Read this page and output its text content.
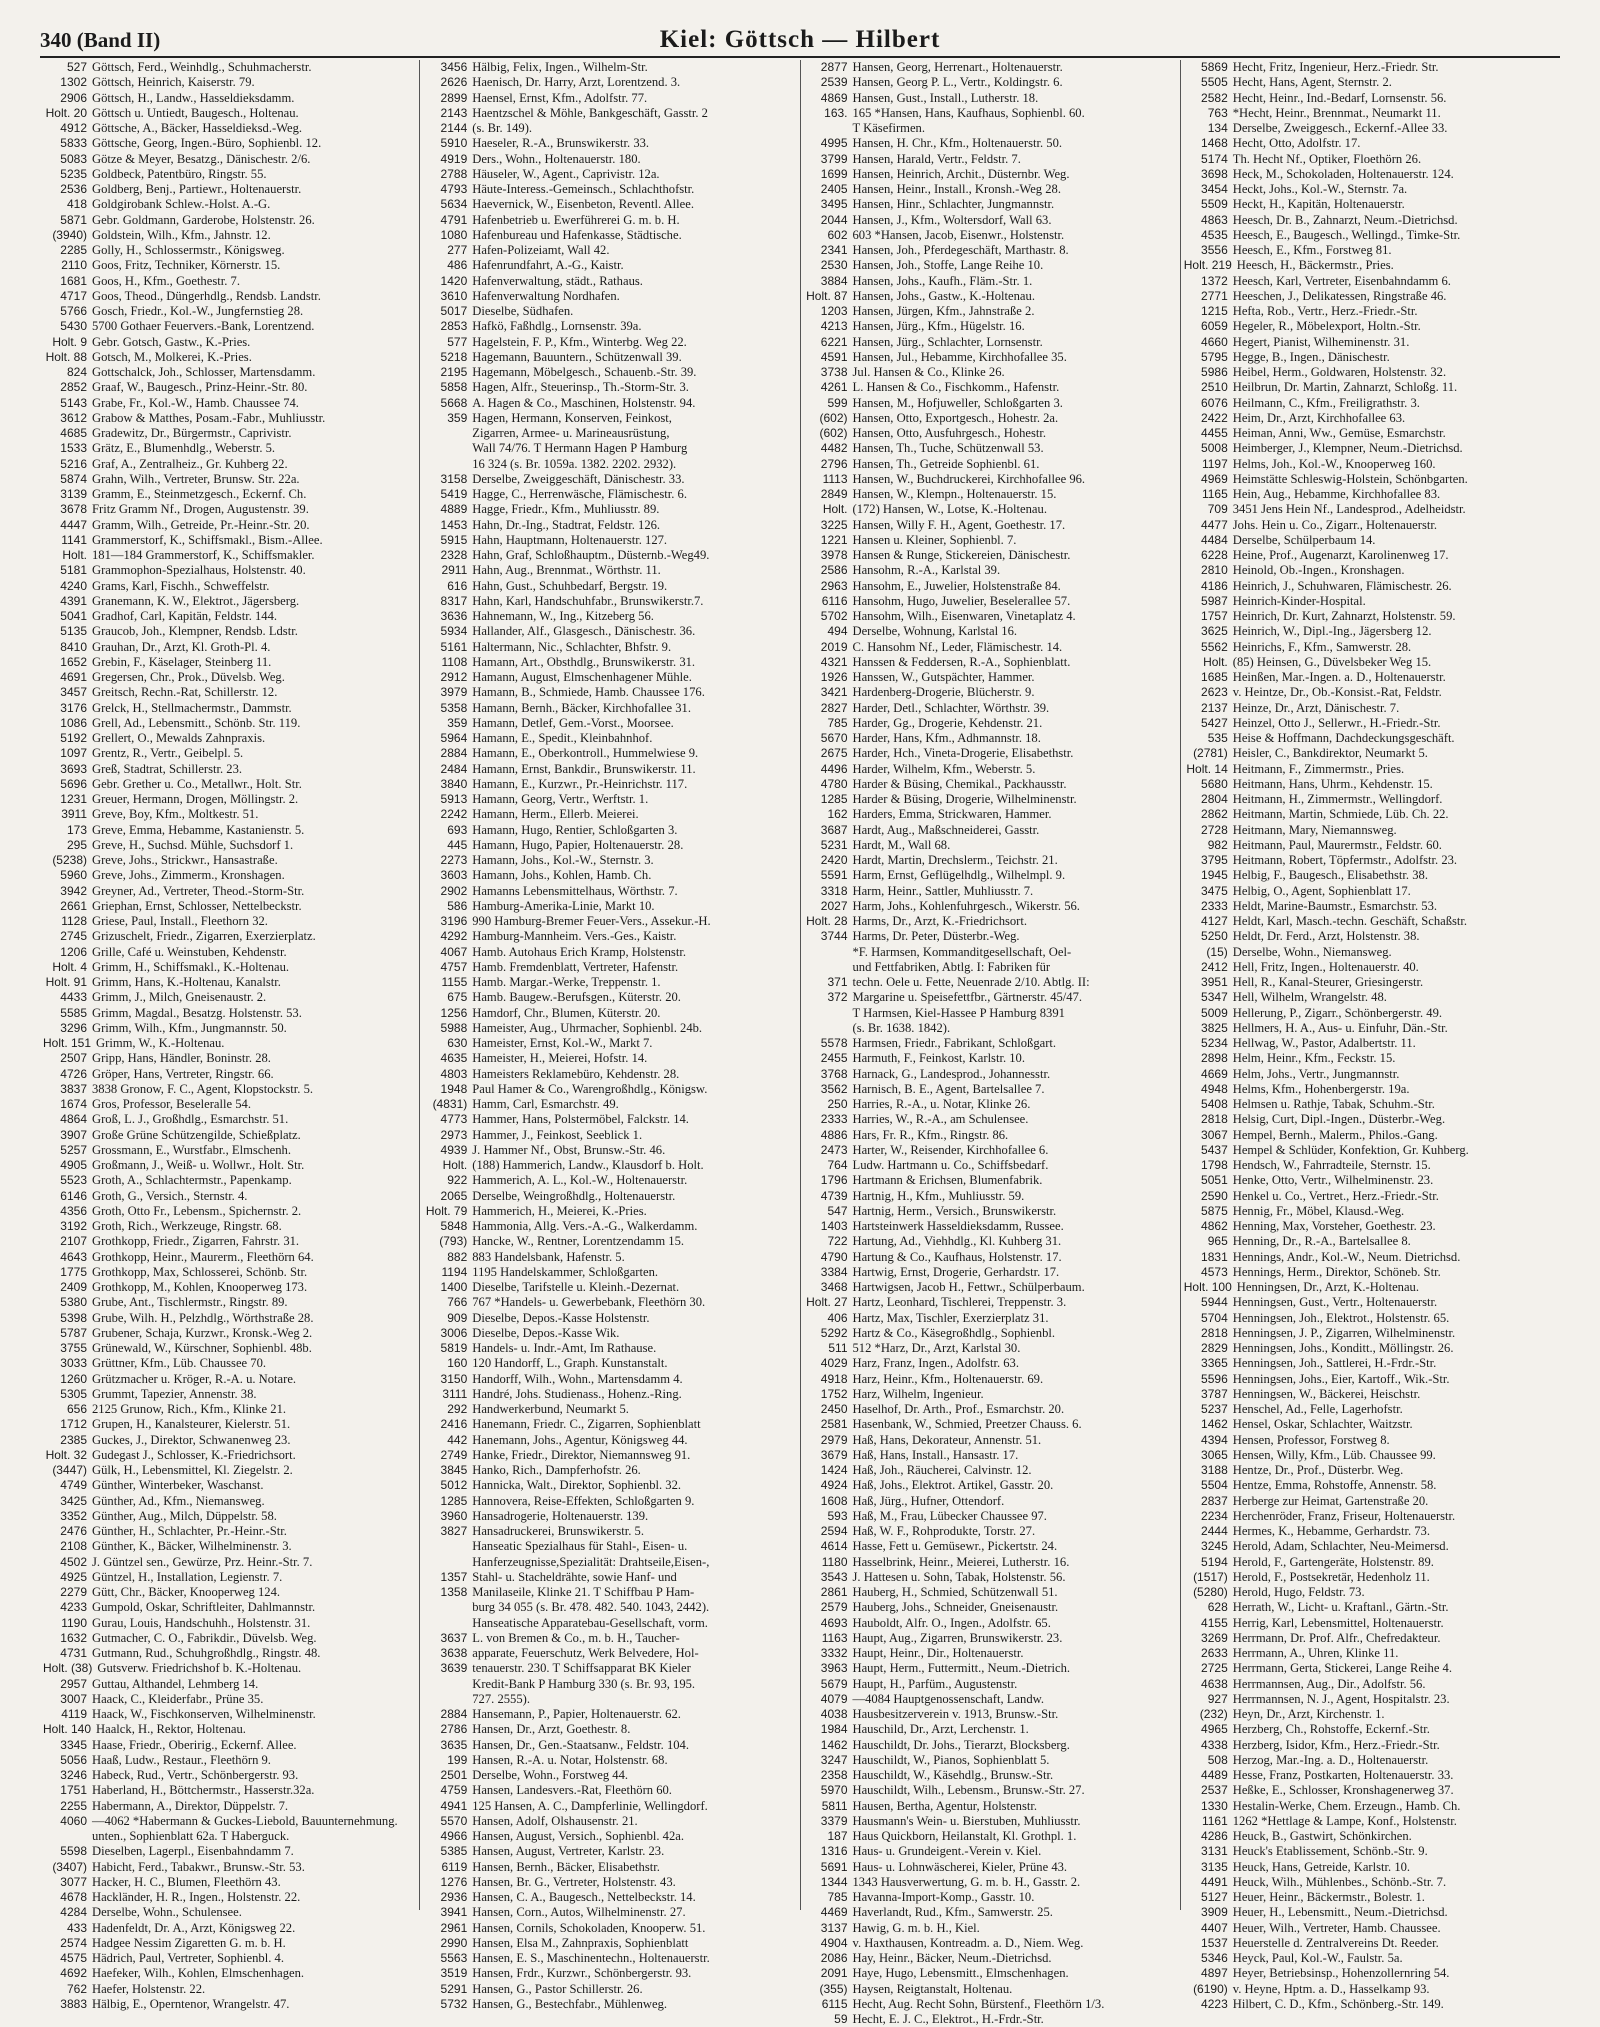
340 (Band II)	Kiel: Göttsch — Hilbert
527 Göttsch, Ferd., Weinhdlg., Schuhmacherstr.
1302 Göttsch, Heinrich, Kaiserstr. 79.
2906 Göttsch, H., Landw., Hasseldieksdamm.
Holt. 20 Göttsch u. Untiedt, Baugesch., Holtenau.
4912 Göttsche, A., Bäcker, Hasseldieksd.-Weg.
5833 Göttsche, Georg, Ingen.-Büro, Sophienbl. 12.
5083 Götze & Meyer, Besatzg., Dänischestr. 2/6.
5235 Goldbeck, Patentbüro, Ringstr. 55.
2536 Goldberg, Benj., Partiewr., Holtenauerstr.
418 Goldgirobank Schlew.-Holst. A.-G.
5871 Gebr. Goldmann, Garderobe, Holstenstr. 26.
(3940) Goldstein, Wilh., Kfm., Jahnstr. 12.
2285 Golly, H., Schlossermstr., Königsweg.
2110 Goos, Fritz, Techniker, Körnerstr. 15.
1681 Goos, H., Kfm., Goethestr. 7.
4717 Goos, Theod., Düngerhdlg., Rendsb. Landstr.
5766 Gosch, Friedr., Kol.-W., Jungfernstieg 28.
5430 5700 Gothaer Feuervers.-Bank, Lorentzend.
Holt. 9 Gebr. Gotsch, Gastw., K.-Pries.
Holt. 88 Gotsch, M., Molkerei, K.-Pries.
824 Gottschalck, Joh., Schlosser, Martensdamm.
2852 Graaf, W., Baugesch., Prinz-Heinr.-Str. 80.
5143 Grabe, Fr., Kol.-W., Hamb. Chaussee 74.
3612 Grabow & Matthes, Posam.-Fabr., Muhliusstr.
4685 Gradewitz, Dr., Bürgermstr., Caprivistr.
1533 Grätz, E., Blumenhdlg., Weberstr. 5.
5216 Graf, A., Zentralheiz., Gr. Kuhberg 22.
5874 Grahn, Wilh., Vertreter, Brunsw. Str. 22a.
3139 Gramm, E., Steinmetzgesch., Eckernf. Ch.
3678 Fritz Gramm Nf., Drogen, Augustenstr. 39.
4447 Gramm, Wilh., Getreide, Pr.-Heinr.-Str. 20.
1141 Grammerstorf, K., Schiffsmakl., Bism.-Allee.
Holt. 181—184 Grammerstorf, K., Schiffsmakler.
5181 Grammophon-Spezialhaus, Holstenstr. 40.
4240 Grams, Karl, Fischh., Schweffelstr.
4391 Granemann, K. W., Elektrot., Jägersberg.
5041 Gradhof, Carl, Kapitän, Feldstr. 144.
5135 Graucob, Joh., Klempner, Rendsb. Ldstr.
8410 Grauhan, Dr., Arzt, Kl. Groth-Pl. 4.
1652 Grebin, F., Käselager, Steinberg 11.
4691 Gregersen, Chr., Prok., Düvelsb. Weg.
3457 Greitsch, Rechn.-Rat, Schillerstr. 12.
3176 Grelck, H., Stellmachermstr., Dammstr.
1086 Grell, Ad., Lebensmitt., Schönb. Str. 119.
5192 Grellert, O., Mewalds Zahnpraxis.
1097 Grentz, R., Vertr., Geibelpl. 5.
3693 Greß, Stadtrat, Schillerstr. 23.
5696 Gebr. Grether u. Co., Metallwr., Holt. Str.
1231 Greuer, Hermann, Drogen, Möllingstr. 2.
3911 Greve, Boy, Kfm., Moltkestr. 51.
173 Greve, Emma, Hebamme, Kastanienstr. 5.
295 Greve, H., Suchsd. Mühle, Suchsdorf 1.
(5238) Greve, Johs., Strickwr., Hansastraße.
5960 Greve, Johs., Zimmerm., Kronshagen.
3942 Greyner, Ad., Vertreter, Theod.-Storm-Str.
2661 Griephan, Ernst, Schlosser, Nettelbeckstr.
1128 Griese, Paul, Install., Fleethorn 32.
2745 Grizuschelt, Friedr., Zigarren, Exerzierplatz.
1206 Grille, Café u. Weinstuben, Kehdenstr.
Holt. 4 Grimm, H., Schiffsmakl., K.-Holtenau.
Holt. 91 Grimm, Hans, K.-Holtenau, Kanalstr.
4433 Grimm, J., Milch, Gneisenaustr. 2.
5585 Grimm, Magdal., Besatzg. Holstenstr. 53.
3296 Grimm, Wilh., Kfm., Jungmannstr. 50.
Holt. 151 Grimm, W., K.-Holtenau.
2507 Gripp, Hans, Händler, Boninstr. 28.
4726 Gröper, Hans, Vertreter, Ringstr. 66.
3837 3838 Gronow, F. C., Agent, Klopstockstr. 5.
1674 Gros, Professor, Beseleralle 54.
4864 Groß, L. J., Großhdlg., Esmarchstr. 51.
3907 Große Grüne Schützengilde, Schießplatz.
5257 Grossmann, E., Wurstfabr., Elmschenh.
4905 Großmann, J., Weiß- u. Wollwr., Holt. Str.
5523 Groth, A., Schlachtermstr., Papenkamp.
6146 Groth, G., Versich., Sternstr. 4.
4356 Groth, Otto Fr., Lebensm., Spichernstr. 2.
3192 Groth, Rich., Werkzeuge, Ringstr. 68.
2107 Grothkopp, Friedr., Zigarren, Fahrstr. 31.
4643 Grothkopp, Heinr., Maurerm., Fleethörn 64.
1775 Grothkopp, Max, Schlosserei, Schönb. Str.
2409 Grothkopp, M., Kohlen, Knooperweg 173.
5380 Grube, Ant., Tischlermstr., Ringstr. 89.
5398 Grube, Wilh. H., Pelzhdlg., Wörthstraße 28.
5787 Grubener, Schaja, Kurzwr., Kronsk.-Weg 2.
3755 Grünewald, W., Kürschner, Sophienbl. 48b.
3033 Grüttner, Kfm., Lüb. Chaussee 70.
1260 Grützmacher u. Kröger, R.-A. u. Notare.
5305 Grummt, Tapezier, Annenstr. 38.
656 2125 Grunow, Rich., Kfm., Klinke 21.
1712 Grupen, H., Kanalsteurer, Kielerstr. 51.
2385 Guckes, J., Direktor, Schwanenweg 23.
Holt. 32 Gudegast J., Schlosser, K.-Friedrichsort.
(3447) Gülk, H., Lebensmittel, Kl. Ziegelstr. 2.
4749 Günther, Winterbeker, Waschanst.
3425 Günther, Ad., Kfm., Niemansweg.
3352 Günther, Aug., Milch, Düppelstr. 58.
2476 Günther, H., Schlachter, Pr.-Heinr.-Str.
2108 Günther, K., Bäcker, Wilhelminenstr. 3.
4502 J. Güntzel sen., Gewürze, Prz. Heinr.-Str. 7.
4925 Güntzel, H., Installation, Legienstr. 7.
2279 Gütt, Chr., Bäcker, Knooperweg 124.
4233 Gumpold, Oskar, Schriftleiter, Dahlmannstr.
1190 Gurau, Louis, Handschuhh., Holstenstr. 31.
1632 Gutmacher, C. O., Fabrikdir., Düvelsb. Weg.
4731 Gutmann, Rud., Schuhgroßhdlg., Ringstr. 48.
Holt. (38) Gutsverw. Friedrichshof b. K.-Holtenau.
2957 Guttau, Althandel, Lehmberg 14.
3007 Haack, C., Kleiderfabr., Prüne 35.
4119 Haack, W., Fischkonserven, Wilhelminenstr.
Holt. 140 Haalck, H., Rektor, Holtenau.
3345 Haase, Friedr., Oberirig., Eckernf. Allee.
5056 Haaß, Ludw., Restaur., Fleethörn 9.
3246 Habeck, Rud., Vertr., Schönbergerstr. 93.
1751 Haberland, H., Böttchermstr., Hasserstr.32a.
2255 Habermann, A., Direktor, Düppelstr. 7.
4060 —4062 *Habermann & Guckes-Liebold, Bauunternehmung.
unten., Sophienblatt 62a. T Haberguck.
5598 Dieselben, Lagerpl., Eisenbahndamm 7.
(3407) Habicht, Ferd., Tabakwr., Brunsw.-Str. 53.
3077 Hacker, H. C., Blumen, Fleethörn 43.
4678 Hackländer, H. R., Ingen., Holstenstr. 22.
4284 Derselbe, Wohn., Schulensee.
433 Hadenfeldt, Dr. A., Arzt, Königsweg 22.
2574 Hadgee Nessim Zigaretten G. m. b. H.
4575 Hädrich, Paul, Vertreter, Sophienbl. 4.
4692 Haefeker, Wilh., Kohlen, Elmschenhagen.
762 Haefer, Holstenstr. 22.
3883 Hälbig, E., Operntenor, Wrangelstr. 47.
3456 Hälbig, Felix, Ingen., Wilhelm-Str.
2626 Haenisch, Dr. Harry, Arzt, Lorentzend. 3.
2899 Haensel, Ernst, Kfm., Adolfstr. 77.
2143 Haentzschel & Möhle, Bankgeschäft, Gasstr. 2
2144 (s. Br. 149).
5910 Haeseler, R.-A., Brunswikerstr. 33.
4919 Ders., Wohn., Holtenauerstr. 180.
2788 Häuseler, W., Agent., Caprivistr. 12a.
4793 Häute-Interess.-Gemeinsch., Schlachthofstr.
5634 Haevernick, W., Eisenbeton, Reventl. Allee.
4791 Hafenbetrieb u. Ewerführerei G. m. b. H.
1080 Hafenbureau und Hafenkasse, Städtische.
277 Hafen-Polizeiamt, Wall 42.
486 Hafenrundfahrt, A.-G., Kaistr.
1420 Hafenverwaltung, städt., Rathaus.
3610 Hafenverwaltung Nordhafen.
5017 Dieselbe, Südhafen.
2853 Hafkö, Faßhdlg., Lornsenstr. 39a.
577 Hagelstein, F. P., Kfm., Winterbg. Weg 22.
5218 Hagemann, Bauuntern., Schützenwall 39.
2195 Hagemann, Möbelgesch., Schauenb.-Str. 39.
5858 Hagen, Alfr., Steuerinsp., Th.-Storm-Str. 3.
5668 A. Hagen & Co., Maschinen, Holstenstr. 94.
359 Hagen, Hermann, Konserven, Feinkost,
Zigarren, Armee- u. Marineausrüstung,
Wall 74/76. T Hermann Hagen P Hamburg
16 324 (s. Br. 1059a. 1382. 2202. 2932).
3158 Derselbe, Zweiggeschäft, Dänischestr. 33.
5419 Hagge, C., Herrenwäsche, Flämischestr. 6.
4889 Hagge, Friedr., Kfm., Muhliusstr. 89.
1453 Hahn, Dr.-Ing., Stadtrat, Feldstr. 126.
5915 Hahn, Hauptmann, Holtenauerstr. 127.
2328 Hahn, Graf, Schloßhauptm., Düsternb.-Weg49.
2911 Hahn, Aug., Brennmat., Wörthstr. 11.
616 Hahn, Gust., Schuhbedarf, Bergstr. 19.
8317 Hahn, Karl, Handschuhfabr., Brunswikerstr.7.
3636 Hahnemann, W., Ing., Kitzeberg 56.
5934 Hallander, Alf., Glasgesch., Dänischestr. 36.
5161 Haltermann, Nic., Schlachter, Bhfstr. 9.
1108 Hamann, Art., Obsthdlg., Brunswikerstr. 31.
2912 Hamann, August, Elmschenhagener Mühle.
3979 Hamann, B., Schmiede, Hamb. Chaussee 176.
5358 Hamann, Bernh., Bäcker, Kirchhofallee 31.
359 Hamann, Detlef, Gem.-Vorst., Moorsee.
5964 Hamann, E., Spedit., Kleinbahnhof.
2884 Hamann, E., Oberkontroll., Hummelwiese 9.
2484 Hamann, Ernst, Bankdir., Brunswikerstr. 11.
3840 Hamann, E., Kurzwr., Pr.-Heinrichstr. 117.
5913 Hamann, Georg, Vertr., Werftstr. 1.
2242 Hamann, Herm., Ellerb. Meierei.
693 Hamann, Hugo, Rentier, Schloßgarten 3.
445 Hamann, Hugo, Papier, Holtenauerstr. 28.
2273 Hamann, Johs., Kol.-W., Sternstr. 3.
3603 Hamann, Johs., Kohlen, Hamb. Ch.
2902 Hamanns Lebensmittelhaus, Wörthstr. 7.
586 Hamburg-Amerika-Linie, Markt 10.
3196 990 Hamburg-Bremer Feuer-Vers., Assekur.-H.
4292 Hamburg-Mannheim. Vers.-Ges., Kaistr.
4067 Hamb. Autohaus Erich Kramp, Holstenstr.
4757 Hamb. Fremdenblatt, Vertreter, Hafenstr.
1155 Hamb. Margar.-Werke, Treppenstr. 1.
675 Hamb. Baugew.-Berufsgen., Küterstr. 20.
1256 Hamdorf, Chr., Blumen, Küterstr. 20.
5988 Hameister, Aug., Uhrmacher, Sophienbl. 24b.
630 Hameister, Ernst, Kol.-W., Markt 7.
4635 Hameister, H., Meierei, Hofstr. 14.
4803 Hameisters Reklamebüro, Kehdenstr. 28.
1948 Paul Hamer & Co., Warengroßhdlg., Königsw.
(4831) Hamm, Carl, Esmarchstr. 49.
4773 Hammer, Hans, Polstermöbel, Falckstr. 14.
2973 Hammer, J., Feinkost, Seeblick 1.
4939 J. Hammer Nf., Obst, Brunsw.-Str. 46.
Holt. (188) Hammerich, Landw., Klausdorf b. Holt.
922 Hammerich, A. L., Kol.-W., Holtenauerstr.
2065 Derselbe, Weingroßhdlg., Holtenauerstr.
Holt. 79 Hammerich, H., Meierei, K.-Pries.
5848 Hammonia, Allg. Vers.-A.-G., Walkerdamm.
(793) Hancke, W., Rentner, Lorentzendamm 15.
882 883 Handelsbank, Hafenstr. 5.
1194 1195 Handelskammer, Schloßgarten.
1400 Dieselbe, Tarifstelle u. Kleinh.-Dezernat.
766 767 *Handels- u. Gewerbebank, Fleethörn 30.
909 Dieselbe, Depos.-Kasse Holstenstr.
3006 Dieselbe, Depos.-Kasse Wik.
5819 Handels- u. Indr.-Amt, Im Rathause.
160 120 Handorff, L., Graph. Kunstanstalt.
3150 Handorff, Wilh., Wohn., Martensdamm 4.
3111 Handré, Johs. Studienass., Hohenz.-Ring.
292 Handwerkerbund, Neumarkt 5.
2416 Hanemann, Friedr. C., Zigarren, Sophienblatt
442 Hanemann, Johs., Agentur, Königsweg 44.
2749 Hanke, Friedr., Direktor, Niemannsweg 91.
3845 Hanko, Rich., Dampferhofstr. 26.
5012 Hannicka, Walt., Direktor, Sophienbl. 32.
1285 Hannovera, Reise-Effekten, Schloßgarten 9.
3960 Hansadrogerie, Holtenauerstr. 139.
3827 Hansadruckerei, Brunswikerstr. 5.
Hanseatic Spezialhaus für Stahl-, Eisen- u.
Hanferzeugnisse,Spezialität: Drahtseile,Eisen-,
1357 Stahl- u. Stacheldrähte, sowie Hanf- und
1358 Manilaseile, Klinke 21. T Schiffbau P Ham-
burg 34 055 (s. Br. 478. 482. 540. 1043, 2442).
Hanseatische Apparatebau-Gesellschaft, vorm.
3637 L. von Bremen & Co., m. b. H., Taucher-
3638 apparate, Feuerschutz, Werk Belvedere, Hol-
3639 tenauerstr. 230. T Schiffsapparat BK Kieler
Kredit-Bank P Hamburg 330 (s. Br. 93, 195.
727. 2555).
2884 Hansemann, P., Papier, Holtenauerstr. 62.
2786 Hansen, Dr., Arzt, Goethestr. 8.
3635 Hansen, Dr., Gen.-Staatsanw., Feldstr. 104.
199 Hansen, R.-A. u. Notar, Holstenstr. 68.
2501 Derselbe, Wohn., Forstweg 44.
4759 Hansen, Landesvers.-Rat, Fleethörn 60.
4941 125 Hansen, A. C., Dampferlinie, Wellingdorf.
5570 Hansen, Adolf, Olshausenstr. 21.
4966 Hansen, August, Versich., Sophienbl. 42a.
5385 Hansen, August, Vertreter, Karlstr. 23.
6119 Hansen, Bernh., Bäcker, Elisabethstr.
1276 Hansen, Br. G., Vertreter, Holstenstr. 43.
2936 Hansen, C. A., Baugesch., Nettelbeckstr. 14.
3941 Hansen, Corn., Autos, Wilhelminenstr. 27.
2961 Hansen, Cornils, Schokoladen, Knooperw. 51.
2990 Hansen, Elsa M., Zahnpraxis, Sophienblatt
5563 Hansen, E. S., Maschinentechn., Holtenauerstr.
3519 Hansen, Frdr., Kurzwr., Schönbergerstr. 93.
5291 Hansen, G., Pastor Schillerstr. 26.
5732 Hansen, G., Bestechfabr., Mühlenweg.
2877 Hansen, Georg, Herrenart., Holtenauerstr.
2539 Hansen, Georg P. L., Vertr., Koldingstr. 6.
4869 Hansen, Gust., Install., Lutherstr. 18.
163. 165 *Hansen, Hans, Kaufhaus, Sophienbl. 60.
T Käsefirmen.
4995 Hansen, H. Chr., Kfm., Holtenauerstr. 50.
3799 Hansen, Harald, Vertr., Feldstr. 7.
1699 Hansen, Heinrich, Archit., Düsternbr. Weg.
2405 Hansen, Heinr., Install., Kronsh.-Weg 28.
3495 Hansen, Hinr., Schlachter, Jungmannstr.
2044 Hansen, J., Kfm., Woltersdorf, Wall 63.
602 603 *Hansen, Jacob, Eisenwr., Holstenstr.
2341 Hansen, Joh., Pferdegeschäft, Marthastr. 8.
2530 Hansen, Joh., Stoffe, Lange Reihe 10.
3884 Hansen, Johs., Kaufh., Fläm.-Str. 1.
Holt. 87 Hansen, Johs., Gastw., K.-Holtenau.
1203 Hansen, Jürgen, Kfm., Jahnstraße 2.
4213 Hansen, Jürg., Kfm., Hügelstr. 16.
6221 Hansen, Jürg., Schlachter, Lornsenstr.
4591 Hansen, Jul., Hebamme, Kirchhofallee 35.
3738 Jul. Hansen & Co., Klinke 26.
4261 L. Hansen & Co., Fischkomm., Hafenstr.
599 Hansen, M., Hofjuweller, Schloßgarten 3.
(602) Hansen, Otto, Exportgesch., Hohestr. 2a.
(602) Hansen, Otto, Ausfuhrgesch., Hohestr.
4482 Hansen, Th., Tuche, Schützenwall 53.
2796 Hansen, Th., Getreide Sophienbl. 61.
1113 Hansen, W., Buchdruckerei, Kirchhofallee 96.
2849 Hansen, W., Klempn., Holtenauerstr. 15.
Holt. (172) Hansen, W., Lotse, K.-Holtenau.
3225 Hansen, Willy F. H., Agent, Goethestr. 17.
1221 Hansen u. Kleiner, Sophienbl. 7.
3978 Hansen & Runge, Stickereien, Dänischestr.
2586 Hansohm, R.-A., Karlstal 39.
2963 Hansohm, E., Juwelier, Holstenstraße 84.
6116 Hansohm, Hugo, Juwelier, Beselerallee 57.
5702 Hansohm, Wilh., Eisenwaren, Vinetaplatz 4.
494 Derselbe, Wohnung, Karlstal 16.
2019 C. Hansohm Nf., Leder, Flämischestr. 14.
4321 Hanssen & Feddersen, R.-A., Sophienblatt.
1926 Hanssen, W., Gutspächter, Hammer.
3421 Hardenberg-Drogerie, Blücherstr. 9.
2827 Harder, Detl., Schlachter, Wörthstr. 39.
785 Harder, Gg., Drogerie, Kehdenstr. 21.
5670 Harder, Hans, Kfm., Adhmannstr. 18.
2675 Harder, Hch., Vineta-Drogerie, Elisabethstr.
4496 Harder, Wilhelm, Kfm., Weberstr. 5.
4780 Harder & Büsing, Chemikal., Packhausstr.
1285 Harder & Büsing, Drogerie, Wilhelminenstr.
162 Harders, Emma, Strickwaren, Hammer.
3687 Hardt, Aug., Maßschneiderei, Gasstr.
5231 Hardt, M., Wall 68.
2420 Hardt, Martin, Drechslerm., Teichstr. 21.
5591 Harm, Ernst, Geflügelhdlg., Wilhelmpl. 9.
3318 Harm, Heinr., Sattler, Muhliusstr. 7.
2027 Harm, Johs., Kohlenfuhrgesch., Wikerstr. 56.
Holt. 28 Harms, Dr., Arzt, K.-Friedrichsort.
3744 Harms, Dr. Peter, Düsterbr.-Weg.
*F. Harmsen, Kommanditgesellschaft, Oel-
und Fettfabriken, Abtlg. I: Fabriken für
371 techn. Oele u. Fette, Neuenrade 2/10. Abtlg. II:
372 Margarine u. Speisefettfbr., Gärtnerstr. 45/47.
T Harmsen, Kiel-Hassee P Hamburg 8391
(s. Br. 1638. 1842).
5578 Harmsen, Friedr., Fabrikant, Schloßgart.
2455 Harmuth, F., Feinkost, Karlstr. 10.
3768 Harnack, G., Landesprod., Johannesstr.
3562 Harnisch, B. E., Agent, Bartelsallee 7.
250 Harries, R.-A., u. Notar, Klinke 26.
2333 Harries, W., R.-A., am Schulensee.
4886 Hars, Fr. R., Kfm., Ringstr. 86.
2473 Harter, W., Reisender, Kirchhofallee 6.
764 Ludw. Hartmann u. Co., Schiffsbedarf.
1796 Hartmann & Erichsen, Blumenfabrik.
4739 Hartnig, H., Kfm., Muhliusstr. 59.
547 Hartnig, Herm., Versich., Brunswikerstr.
1403 Hartsteinwerk Hasseldieksdamm, Russee.
722 Hartung, Ad., Viehhdlg., Kl. Kuhberg 31.
4790 Hartung & Co., Kaufhaus, Holstenstr. 17.
3384 Hartwig, Ernst, Drogerie, Gerhardstr. 17.
3468 Hartwigsen, Jacob H., Fettwr., Schülperbaum.
Holt. 27 Hartz, Leonhard, Tischlerei, Treppenstr. 3.
406 Hartz, Max, Tischler, Exerzierplatz 31.
5292 Hartz & Co., Käsegroßhdlg., Sophienbl.
511 512 *Harz, Dr., Arzt, Karlstal 30.
4029 Harz, Franz, Ingen., Adolfstr. 63.
4918 Harz, Heinr., Kfm., Holtenauerstr. 69.
1752 Harz, Wilhelm, Ingenieur.
2450 Haselhof, Dr. Arth., Prof., Esmarchstr. 20.
2581 Hasenbank, W., Schmied, Preetzer Chauss. 6.
2979 Haß, Hans, Dekorateur, Annenstr. 51.
3679 Haß, Hans, Install., Hansastr. 17.
1424 Haß, Joh., Räucherei, Calvinstr. 12.
4924 Haß, Johs., Elektrot. Artikel, Gasstr. 20.
1608 Haß, Jürg., Hufner, Ottendorf.
593 Haß, M., Frau, Lübecker Chaussee 97.
2594 Haß, W. F., Rohprodukte, Torstr. 27.
4614 Hasse, Fett u. Gemüsewr., Pickertstr. 24.
1180 Hasselbrink, Heinr., Meierei, Lutherstr. 16.
3543 J. Hattesen u. Sohn, Tabak, Holstenstr. 56.
2861 Hauberg, H., Schmied, Schützenwall 51.
2579 Hauberg, Johs., Schneider, Gneisenaustr.
4693 Hauboldt, Alfr. O., Ingen., Adolfstr. 65.
1163 Haupt, Aug., Zigarren, Brunswikerstr. 23.
3332 Haupt, Heinr., Dir., Holtenauerstr.
3963 Haupt, Herm., Futtermitt., Neum.-Dietrich.
5679 Haupt, H., Parfüm., Augustenstr.
4079 —4084 Hauptgenossenschaft, Landw.
4038 Hausbesitzerverein v. 1913, Brunsw.-Str.
1984 Hauschild, Dr., Arzt, Lerchenstr. 1.
1462 Hauschildt, Dr. Johs., Tierarzt, Blocksberg.
3247 Hauschildt, W., Pianos, Sophienblatt 5.
2358 Hauschildt, W., Käsehdlg., Brunsw.-Str.
5970 Hauschildt, Wilh., Lebensm., Brunsw.-Str. 27.
5811 Hausen, Bertha, Agentur, Holstenstr.
3379 Hausmann's Wein- u. Bierstuben, Muhliusstr.
187 Haus Quickborn, Heilanstalt, Kl. Grothpl. 1.
1316 Haus- u. Grundeigent.-Verein v. Kiel.
5691 Haus- u. Lohnwäscherei, Kieler, Prüne 43.
1344 1343 Hausverwertung, G. m. b. H., Gasstr. 2.
785 Havanna-Import-Komp., Gasstr. 10.
4469 Haverlandt, Rud., Kfm., Samwerstr. 25.
3137 Hawig, G. m. b. H., Kiel.
4904 v. Haxthausen, Kontreadm. a. D., Niem. Weg.
2086 Hay, Heinr., Bäcker, Neum.-Dietrichsd.
2091 Haye, Hugo, Lebensmitt., Elmschenhagen.
(355) Haysen, Reigtanstalt, Holtenau.
6115 Hecht, Aug. Recht Sohn, Bürstenf., Fleethörn 1/3.
59 Hecht, E. J. C., Elektrot., H.-Frdr.-Str.
5869 Hecht, Fritz, Ingenieur, Herz.-Friedr. Str.
5505 Hecht, Hans, Agent, Sternstr. 2.
2582 Hecht, Heinr., Ind.-Bedarf, Lornsenstr. 56.
763 *Hecht, Heinr., Brennmat., Neumarkt 11.
134 Derselbe, Zweiggesch., Eckernf.-Allee 33.
1468 Hecht, Otto, Adolfstr. 17.
5174 Th. Hecht Nf., Optiker, Floethörn 26.
3698 Heck, M., Schokoladen, Holtenauerstr. 124.
3454 Heckt, Johs., Kol.-W., Sternstr. 7a.
5509 Heckt, H., Kapitän, Holtenauerstr.
4863 Heesch, Dr. B., Zahnarzt, Neum.-Dietrichsd.
4535 Heesch, E., Baugesch., Wellingd., Timke-Str.
3556 Heesch, E., Kfm., Forstweg 81.
Holt. 219 Heesch, H., Bäckermstr., Pries.
1372 Heesch, Karl, Vertreter, Eisenbahndamm 6.
2771 Heeschen, J., Delikatessen, Ringstraße 46.
1215 Hefta, Rob., Vertr., Herz.-Friedr.-Str.
6059 Hegeler, R., Möbelexport, Holtn.-Str.
4660 Hegert, Pianist, Wilheminenstr. 31.
5795 Hegge, B., Ingen., Dänischestr.
5986 Heibel, Herm., Goldwaren, Holstenstr. 32.
2510 Heilbrun, Dr. Martin, Zahnarzt, Schloßg. 11.
6076 Heilmann, C., Kfm., Freiligrathstr. 3.
2422 Heim, Dr., Arzt, Kirchhofallee 63.
4455 Heiman, Anni, Ww., Gemüse, Esmarchstr.
5008 Heimberger, J., Klempner, Neum.-Dietrichsd.
1197 Helms, Joh., Kol.-W., Knooperweg 160.
4969 Heimstätte Schleswig-Holstein, Schönbgarten.
1165 Hein, Aug., Hebamme, Kirchhofallee 83.
709 3451 Jens Hein Nf., Landesprod., Adelheidstr.
4477 Johs. Hein u. Co., Zigarr., Holtenauerstr.
4484 Derselbe, Schülperbaum 14.
6228 Heine, Prof., Augenarzt, Karolinenweg 17.
2810 Heinold, Ob.-Ingen., Kronshagen.
4186 Heinrich, J., Schuhwaren, Flämischestr. 26.
5987 Heinrich-Kinder-Hospital.
1757 Heinrich, Dr. Kurt, Zahnarzt, Holstenstr. 59.
3625 Heinrich, W., Dipl.-Ing., Jägersberg 12.
5562 Heinrichs, F., Kfm., Samwerstr. 28.
Holt. (85) Heinsen, G., Düvelsbeker Weg 15.
1685 Heinßen, Mar.-Ingen. a. D., Holtenauerstr.
2623 v. Heintze, Dr., Ob.-Konsist.-Rat, Feldstr.
2137 Heinze, Dr., Arzt, Dänischestr. 7.
5427 Heinzel, Otto J., Sellerwr., H.-Friedr.-Str.
535 Heise & Hoffmann, Dachdeckungsgeschäft.
(2781) Heisler, C., Bankdirektor, Neumarkt 5.
Holt. 14 Heitmann, F., Zimmermstr., Pries.
5680 Heitmann, Hans, Uhrm., Kehdenstr. 15.
2804 Heitmann, H., Zimmermstr., Wellingdorf.
2862 Heitmann, Martin, Schmiede, Lüb. Ch. 22.
2728 Heitmann, Mary, Niemannsweg.
982 Heitmann, Paul, Maurermstr., Feldstr. 60.
3795 Heitmann, Robert, Töpfermstr., Adolfstr. 23.
1945 Helbig, F., Baugesch., Elisabethstr. 38.
3475 Helbig, O., Agent, Sophienblatt 17.
2333 Heldt, Marine-Baumstr., Esmarchstr. 53.
4127 Heldt, Karl, Masch.-techn. Geschäft, Schaßstr.
5250 Heldt, Dr. Ferd., Arzt, Holstenstr. 38.
(15) Derselbe, Wohn., Niemansweg.
2412 Hell, Fritz, Ingen., Holtenauerstr. 40.
3951 Hell, R., Kanal-Steurer, Griesingerstr.
5347 Hell, Wilhelm, Wrangelstr. 48.
5009 Hellerung, P., Zigarr., Schönbergerstr. 49.
3825 Hellmers, H. A., Aus- u. Einfuhr, Dän.-Str.
5234 Hellwag, W., Pastor, Adalbertstr. 11.
2898 Helm, Heinr., Kfm., Feckstr. 15.
4669 Helm, Johs., Vertr., Jungmannstr.
4948 Helms, Kfm., Hohenbergerstr. 19a.
5408 Helmsen u. Rathje, Tabak, Schuhm.-Str.
2818 Helsig, Curt, Dipl.-Ingen., Düsterbr.-Weg.
3067 Hempel, Bernh., Malerm., Philos.-Gang.
5437 Hempel & Schlüder, Konfektion, Gr. Kuhberg.
1798 Hendsch, W., Fahrradteile, Sternstr. 15.
5051 Henke, Otto, Vertr., Wilhelminenstr. 23.
2590 Henkel u. Co., Vertret., Herz.-Friedr.-Str.
5875 Hennig, Fr., Möbel, Klausd.-Weg.
4862 Henning, Max, Vorsteher, Goethestr. 23.
965 Henning, Dr., R.-A., Bartelsallee 8.
1831 Hennings, Andr., Kol.-W., Neum. Dietrichsd.
4573 Hennings, Herm., Direktor, Schöneb. Str.
Holt. 100 Henningsen, Dr., Arzt, K.-Holtenau.
5944 Henningsen, Gust., Vertr., Holtenauerstr.
5704 Henningsen, Joh., Elektrot., Holstenstr. 65.
2818 Henningsen, J. P., Zigarren, Wilhelminenstr.
2829 Henningsen, Johs., Konditt., Möllingstr. 26.
3365 Henningsen, Joh., Sattlerei, H.-Frdr.-Str.
5596 Henningsen, Johs., Eier, Kartoff., Wik.-Str.
3787 Henningsen, W., Bäckerei, Heischstr.
5237 Henschel, Ad., Felle, Lagerhofstr.
1462 Hensel, Oskar, Schlachter, Waitzstr.
4394 Hensen, Professor, Forstweg 8.
3065 Hensen, Willy, Kfm., Lüb. Chaussee 99.
3188 Hentze, Dr., Prof., Düsterbr. Weg.
5504 Hentze, Emma, Rohstoffe, Annenstr. 58.
2837 Herberge zur Heimat, Gartenstraße 20.
2234 Herchenröder, Franz, Friseur, Holtenauerstr.
2444 Hermes, K., Hebamme, Gerhardstr. 73.
3245 Herold, Adam, Schlachter, Neu-Meimersd.
5194 Herold, F., Gartengeräte, Holstenstr. 89.
(1517) Herold, F., Postsekretär, Hedenholz 11.
(5280) Herold, Hugo, Feldstr. 73.
628 Herrath, W., Licht- u. Kraftanl., Gärtn.-Str.
4155 Herrig, Karl, Lebensmittel, Holtenauerstr.
3269 Herrmann, Dr. Prof. Alfr., Chefredakteur.
2633 Herrmann, A., Uhren, Klinke 11.
2725 Herrmann, Gerta, Stickerei, Lange Reihe 4.
4638 Herrmannsen, Aug., Dir., Adolfstr. 56.
927 Herrmannsen, N. J., Agent, Hospitalstr. 23.
(232) Heyn, Dr., Arzt, Kirchenstr. 1.
4965 Herzberg, Ch., Rohstoffe, Eckernf.-Str.
4338 Herzberg, Isidor, Kfm., Herz.-Friedr.-Str.
508 Herzog, Mar.-Ing. a. D., Holtenauerstr.
4489 Hesse, Franz, Postkarten, Holtenauerstr. 33.
2537 Heßke, E., Schlosser, Kronshagenerweg 37.
1330 Hestalin-Werke, Chem. Erzeugn., Hamb. Ch.
1161 1262 *Hettlage & Lampe, Konf., Holstenstr.
4286 Heuck, B., Gastwirt, Schönkirchen.
3131 Heuck's Etablissement, Schönb.-Str. 9.
3135 Heuck, Hans, Getreide, Karlstr. 10.
4491 Heuck, Wilh., Mühlenbes., Schönb.-Str. 7.
5127 Heuer, Heinr., Bäckermstr., Bolestr. 1.
3909 Heuer, H., Lebensmitt., Neum.-Dietrichsd.
4407 Heuer, Wilh., Vertreter, Hamb. Chaussee.
1537 Heuerstelle d. Zentralvereins Dt. Reeder.
5346 Heyck, Paul, Kol.-W., Faulstr. 5a.
4897 Heyer, Betriebsinsp., Hohenzollernring 54.
(6190) v. Heyne, Hptm. a. D., Hasselkamp 93.
4223 Hilbert, C. D., Kfm., Schönberg.-Str. 149.
